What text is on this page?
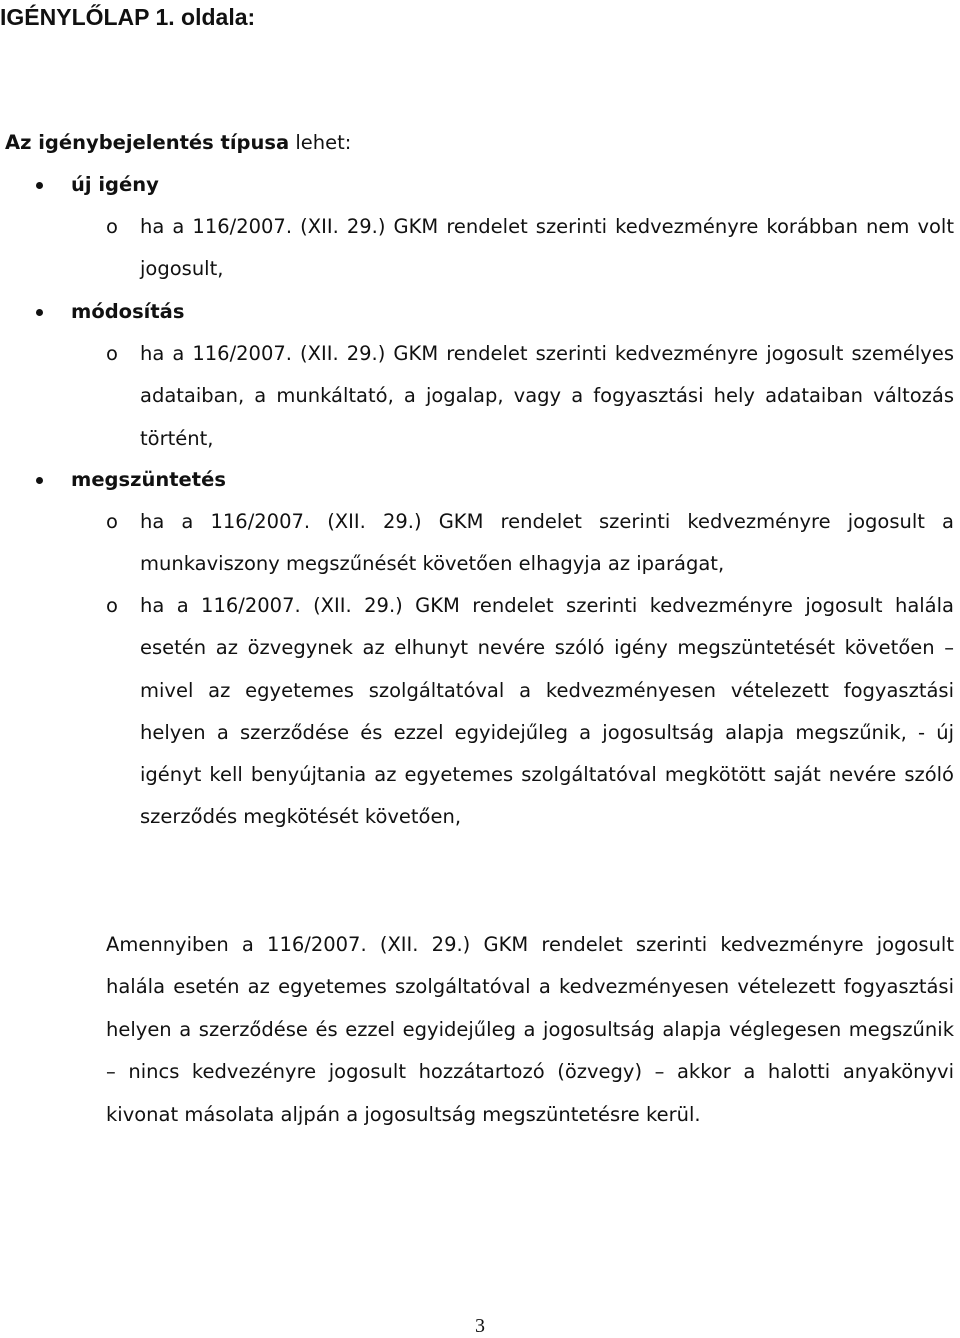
IGÉNYLŐLAP 1. oldala:
Az igénybejelentés típusa lehet:
új igény
o ha a 116/2007. (XII. 29.) GKM rendelet szerinti kedvezményre korábban nem volt jogosult,
módosítás
o ha a 116/2007. (XII. 29.) GKM rendelet szerinti kedvezményre jogosult személyes adataiban, a munkáltató, a jogalap, vagy a fogyasztási hely adataiban változás történt,
megszüntetés
o ha a 116/2007. (XII. 29.) GKM rendelet szerinti kedvezményre jogosult a munkaviszony megszűnését követően elhagyja az iparágat,
o ha a 116/2007. (XII. 29.) GKM rendelet szerinti kedvezményre jogosult halála esetén az özvegynek az elhunyt nevére szóló igény megszüntetését követően – mivel az egyetemes szolgáltatóval a kedvezményesen vételezett fogyasztási helyen a szerződése és ezzel egyidejűleg a jogosultság alapja megszűnik, - új igényt kell benyújtania az egyetemes szolgáltatóval megkötött saját nevére szóló szerződés megkötését követően,
Amennyiben a 116/2007. (XII. 29.) GKM rendelet szerinti kedvezményre jogosult halála esetén az egyetemes szolgáltatóval a kedvezményesen vételezett fogyasztási helyen a szerződése és ezzel egyidejűleg a jogosultság alapja véglegesen megszűnik – nincs kedvezényre jogosult hozzátartozó (özvegy) – akkor a halotti anyakönyvi kivonat másolata aljpán a jogosultság megszüntetésre kerül.
3
